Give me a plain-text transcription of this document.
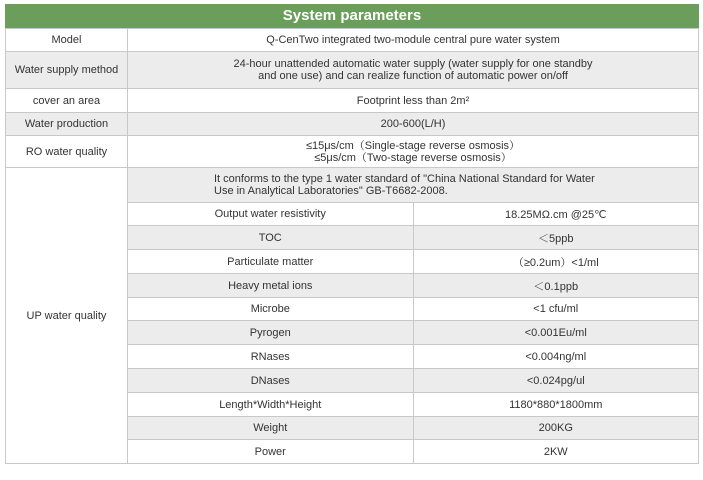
System parameters
Model	Q-CenTwo integrated two-module central pure water system	
Water supply method	24-hour unattended automatic water supply (water supply for one standby
and one use) and can realize function of automatic power on/off	

cover an area	Footprint less than 2m²	
Water production	200-600(L/H)	
RO water quality	≤15μs/cm（Single-stage reverse osmosis）
≤5μs/cm（Two-stage reverse osmosis）	

UP water quality	It conforms to the type 1 water standard of "China National Standard for Water
Use in Analytical Laboratories" GB-T6682-2008.	

	Output water resistivity	18.25MΩ.cm @25℃
	TOC	＜5ppb
	Particulate matter	（≥0.2um）<1/ml
	Heavy metal ions	＜0.1ppb
	Microbe	<1 cfu/ml
	Pyrogen	<0.001Eu/ml
	RNases	<0.004ng/ml
	DNases	<0.024pg/ul
	Length*Width*Height	1180*880*1800mm
	Weight	200KG
	Power	2KW
